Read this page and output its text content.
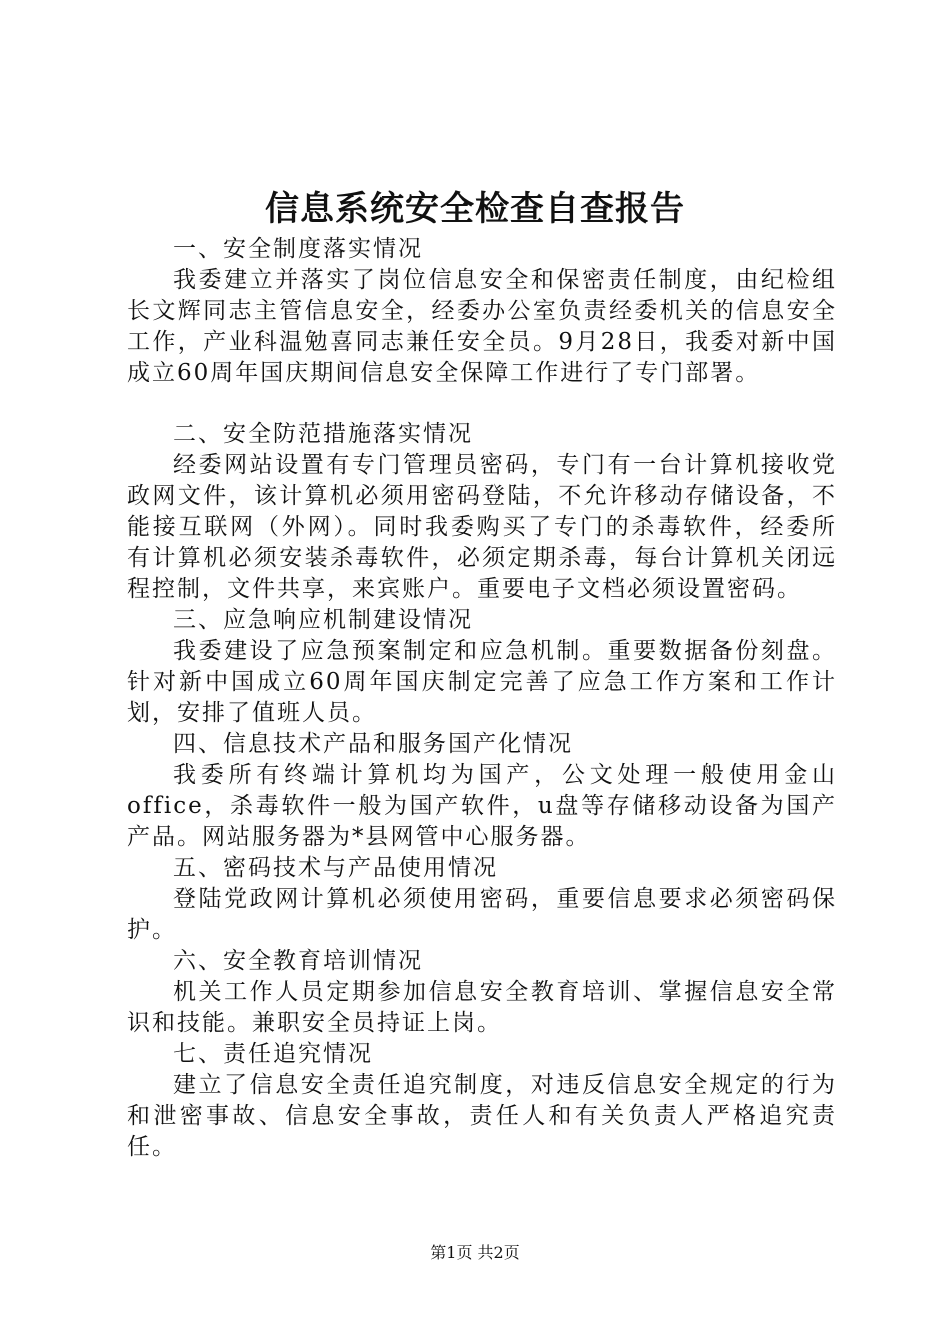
信息系统安全检查自查报告

一、安全制度落实情况

我委建立并落实了岗位信息安全和保密责任制度，由纪检组长文辉同志主管信息安全，经委办公室负责经委机关的信息安全工作，产业科温勉喜同志兼任安全员。9月28日，我委对新中国成立60周年国庆期间信息安全保障工作进行了专门部署。

二、安全防范措施落实情况

经委网站设置有专门管理员密码，专门有一台计算机接收党政网文件，该计算机必须用密码登陆，不允许移动存储设备，不能接互联网（外网）。同时我委购买了专门的杀毒软件，经委所有计算机必须安装杀毒软件，必须定期杀毒，每台计算机关闭远程控制，文件共享，来宾账户。重要电子文档必须设置密码。

三、应急响应机制建设情况

我委建设了应急预案制定和应急机制。重要数据备份刻盘。针对新中国成立60周年国庆制定完善了应急工作方案和工作计划，安排了值班人员。

四、信息技术产品和服务国产化情况

我委所有终端计算机均为国产，公文处理一般使用金山office，杀毒软件一般为国产软件，u盘等存储移动设备为国产产品。网站服务器为*县网管中心服务器。

五、密码技术与产品使用情况

登陆党政网计算机必须使用密码，重要信息要求必须密码保护。

六、安全教育培训情况

机关工作人员定期参加信息安全教育培训、掌握信息安全常识和技能。兼职安全员持证上岗。

七、责任追究情况

建立了信息安全责任追究制度，对违反信息安全规定的行为和泄密事故、信息安全事故，责任人和有关负责人严格追究责任。

第1页 共2页
